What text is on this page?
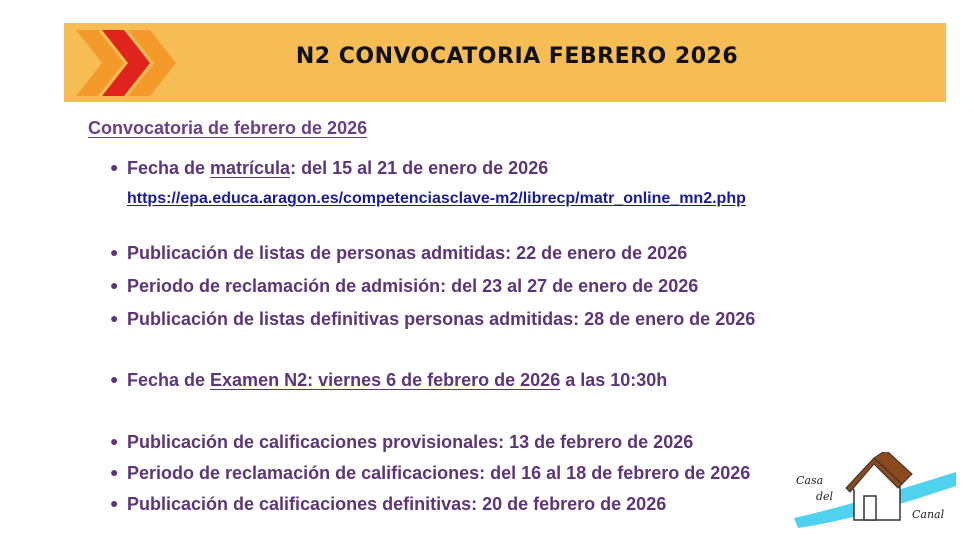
N2 CONVOCATORIA FEBRERO 2026
Convocatoria de febrero de 2026
● Fecha de matrícula: del 15 al 21 de enero de 2026
https://epa.educa.aragon.es/competenciasclave-m2/librecp/matr_online_mn2.php
● Publicación de listas de personas admitidas: 22 de enero de 2026
● Periodo de reclamación de admisión: del 23 al 27 de enero de 2026
● Publicación de listas definitivas personas admitidas: 28 de enero de 2026
● Fecha de Examen N2: viernes 6 de febrero de 2026 a las 10:30h
● Publicación de calificaciones provisionales: 13 de febrero de 2026
● Periodo de reclamación de calificaciones: del 16 al 18 de febrero de 2026
● Publicación de calificaciones definitivas: 20 de febrero de 2026
Casa
del
Canal
